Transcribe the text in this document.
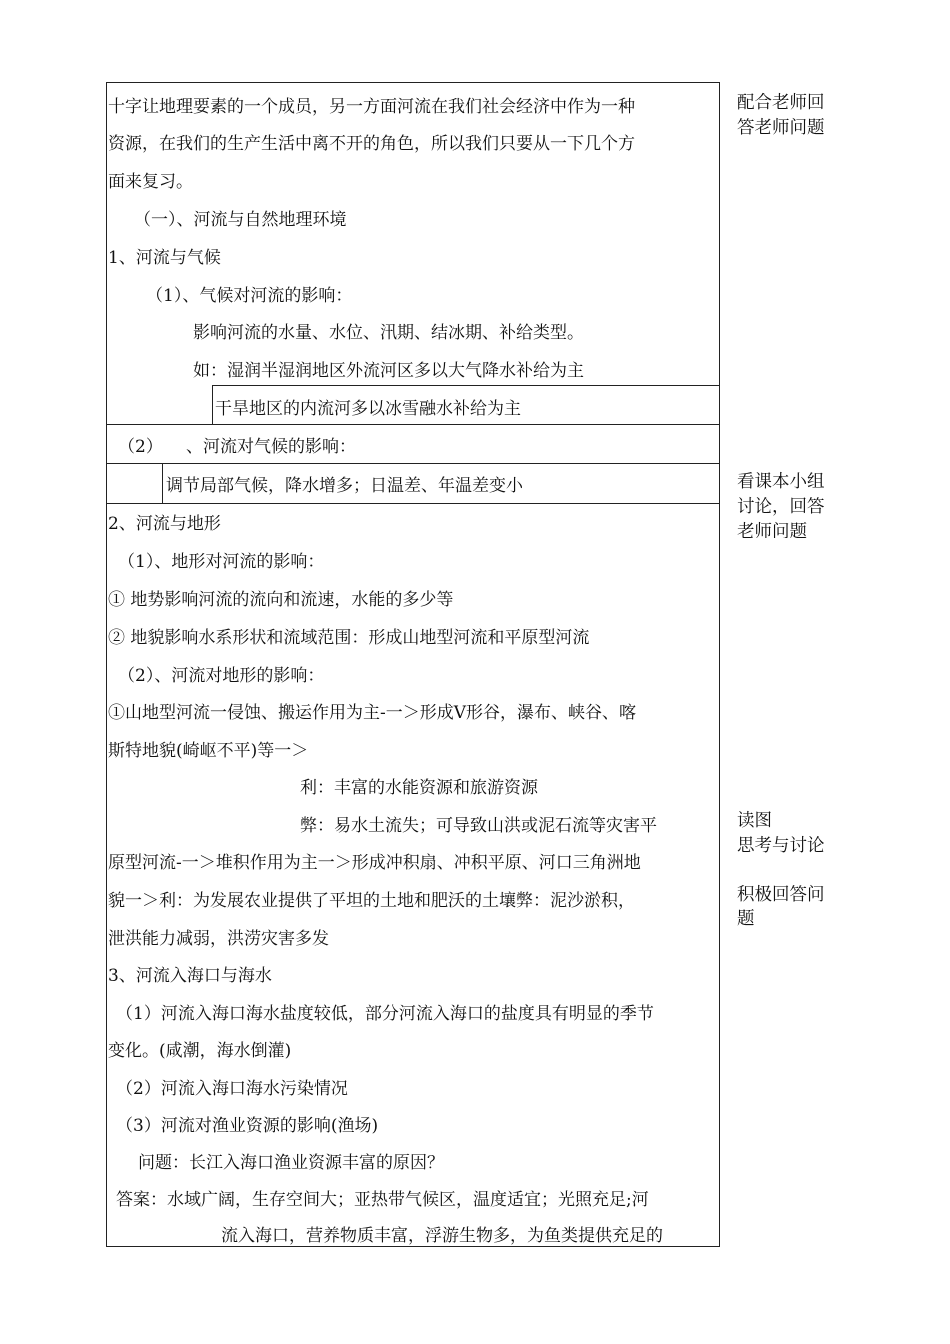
十字让地理要素的一个成员，另一方面河流在我们社会经济中作为一种
资源，在我们的生产生活中离不开的角色，所以我们只要从一下几个方
面来复习。
（一）、河流与自然地理环境
1、河流与气候
（1）、气候对河流的影响：
影响河流的水量、水位、汛期、结冰期、补给类型。
如：湿润半湿润地区外流河区多以大气降水补给为主
干旱地区的内流河多以冰雪融水补给为主
（2） 、河流对气候的影响：
调节局部气候，降水增多；日温差、年温差变小
2、河流与地形
（1）、地形对河流的影响：
① 地势影响河流的流向和流速，水能的多少等
② 地貌影响水系形状和流域范围：形成山地型河流和平原型河流
（2）、河流对地形的影响：
①山地型河流一侵蚀、搬运作用为主-一＞形成V形谷，瀑布、峡谷、喀
斯特地貌(崎岖不平)等一＞
利：丰富的水能资源和旅游资源
弊：易水土流失；可导致山洪或泥石流等灾害平
原型河流-一＞堆积作用为主一＞形成冲积扇、冲积平原、河口三角洲地
貌一＞利：为发展农业提供了平坦的土地和肥沃的土壤弊：泥沙淤积，
泄洪能力减弱，洪涝灾害多发
3、河流入海口与海水
（1）河流入海口海水盐度较低，部分河流入海口的盐度具有明显的季节
变化。(咸潮，海水倒灌)
（2）河流入海口海水污染情况
（3）河流对渔业资源的影响(渔场)
问题：长江入海口渔业资源丰富的原因？
答案：水域广阔，生存空间大；亚热带气候区，温度适宜；光照充足;河
流入海口，营养物质丰富，浮游生物多，为鱼类提供充足的
配合老师回
答老师问题
看课本小组
讨论，回答
老师问题
读图
思考与讨论
积极回答问
题
